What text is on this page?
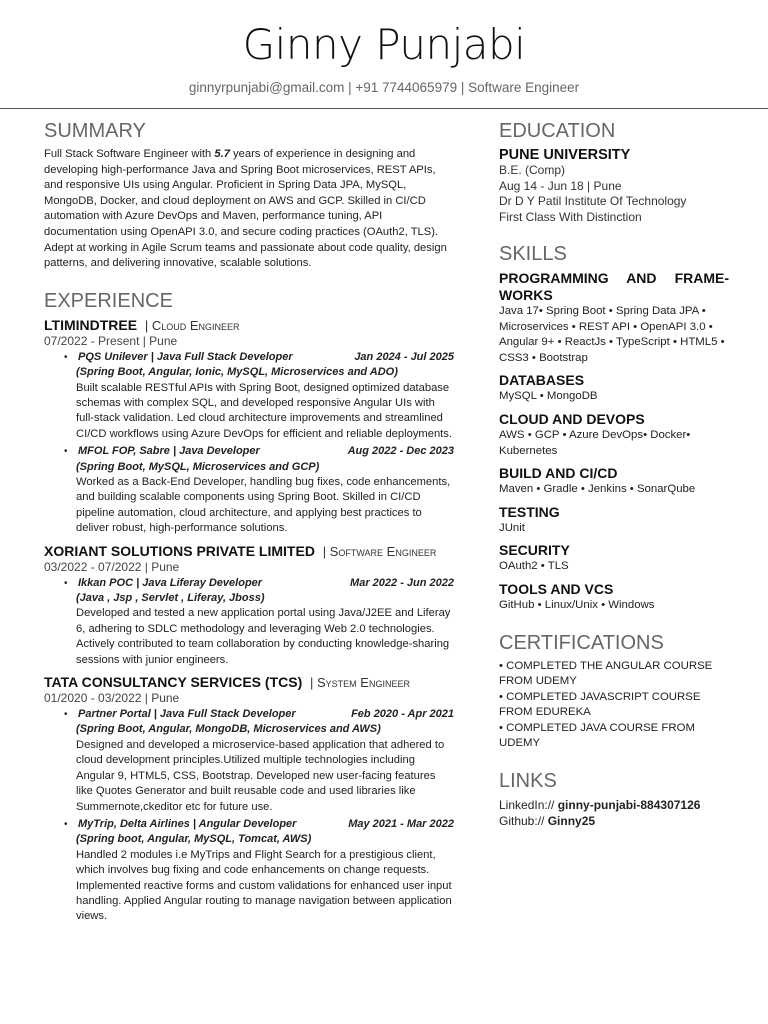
Ginny Punjabi
ginnyrpunjabi@gmail.com | +91 7744065979 | Software Engineer
SUMMARY

Full Stack Software Engineer with 5.7 years of experience in designing and developing high-performance Java and Spring Boot microservices, REST APIs, and responsive UIs using Angular. Proficient in Spring Data JPA, MySQL, MongoDB, Docker, and cloud deployment on AWS and GCP. Skilled in CI/CD automation with Azure DevOps and Maven, performance tuning, API documentation using OpenAPI 3.0, and secure coding practices (OAuth2, TLS). Adept at working in Agile Scrum teams and passionate about code quality, design patterns, and delivering innovative, scalable solutions.

EXPERIENCE
LTIMINDTREE | Cloud Engineer
07/2022 - Present | Pune
• PQS Unilever | Java Full Stack Developer	Jan 2024 - Jul 2025
(Spring Boot, Angular, Ionic, MySQL, Microservices and ADO)
Built scalable RESTful APIs with Spring Boot, designed optimized database schemas with complex SQL, and developed responsive Angular UIs with full-stack validation. Led cloud architecture improvements and streamlined CI/CD workflows using Azure DevOps for efficient and reliable deployments.
• MFOL FOP, Sabre | Java Developer	Aug 2022 - Dec 2023
(Spring Boot, MySQL, Microservices and GCP)
Worked as a Back-End Developer, handling bug fixes, code enhancements, and building scalable components using Spring Boot. Skilled in CI/CD pipeline automation, cloud architecture, and applying best practices to deliver robust, high-performance solutions.
XORIANT SOLUTIONS PRIVATE LIMITED | Software Engineer
03/2022 - 07/2022 | Pune
• Ikkan POC | Java Liferay Developer	Mar 2022 - Jun 2022
(Java , Jsp , Servlet , Liferay, Jboss)
Developed and tested a new application portal using Java/J2EE and Liferay 6, adhering to SDLC methodology and leveraging Web 2.0 technologies. Actively contributed to team collaboration by conducting knowledge-sharing sessions with junior engineers.
TATA CONSULTANCY SERVICES (TCS) | System Engineer
01/2020 - 03/2022 | Pune
• Partner Portal | Java Full Stack Developer	Feb 2020 - Apr 2021
(Spring Boot, Angular, MongoDB, Microservices and AWS)
Designed and developed a microservice-based application that adhered to cloud development principles.Utilized multiple technologies including Angular 9, HTML5, CSS, Bootstrap. Developed new user-facing features like Quotes Generator and built reusable code and used libraries like Summernote,ckeditor etc for future use.
• MyTrip, Delta Airlines | Angular Developer	May 2021 - Mar 2022
(Spring boot, Angular, MySQL, Tomcat, AWS)
Handled 2 modules i.e MyTrips and Flight Search for a prestigious client, which involves bug fixing and code enhancements on change requests. Implemented reactive forms and custom validations for enhanced user input handling. Applied Angular routing to manage navigation between application views.
EDUCATION
PUNE UNIVERSITY
B.E. (Comp)
Aug 14 - Jun 18 | Pune
Dr D Y Patil Institute Of Technology
First Class With Distinction
SKILLS
PROGRAMMING AND FRAME-WORKS
Java 17• Spring Boot • Spring Data JPA • Microservices • REST API • OpenAPI 3.0 • Angular 9+ • ReactJs • TypeScript • HTML5 • CSS3 • Bootstrap
DATABASES
MySQL • MongoDB
CLOUD AND DEVOPS
AWS • GCP • Azure DevOps• Docker• Kubernetes
BUILD AND CI/CD
Maven • Gradle • Jenkins • SonarQube
TESTING
JUnit
SECURITY
OAuth2 • TLS
TOOLS AND VCS
GitHub • Linux/Unix • Windows
CERTIFICATIONS
• COMPLETED THE ANGULAR COURSE FROM UDEMY
• COMPLETED JAVASCRIPT COURSE FROM EDUREKA
• COMPLETED JAVA COURSE FROM UDEMY
LINKS
LinkedIn:// ginny-punjabi-884307126
Github:// Ginny25
